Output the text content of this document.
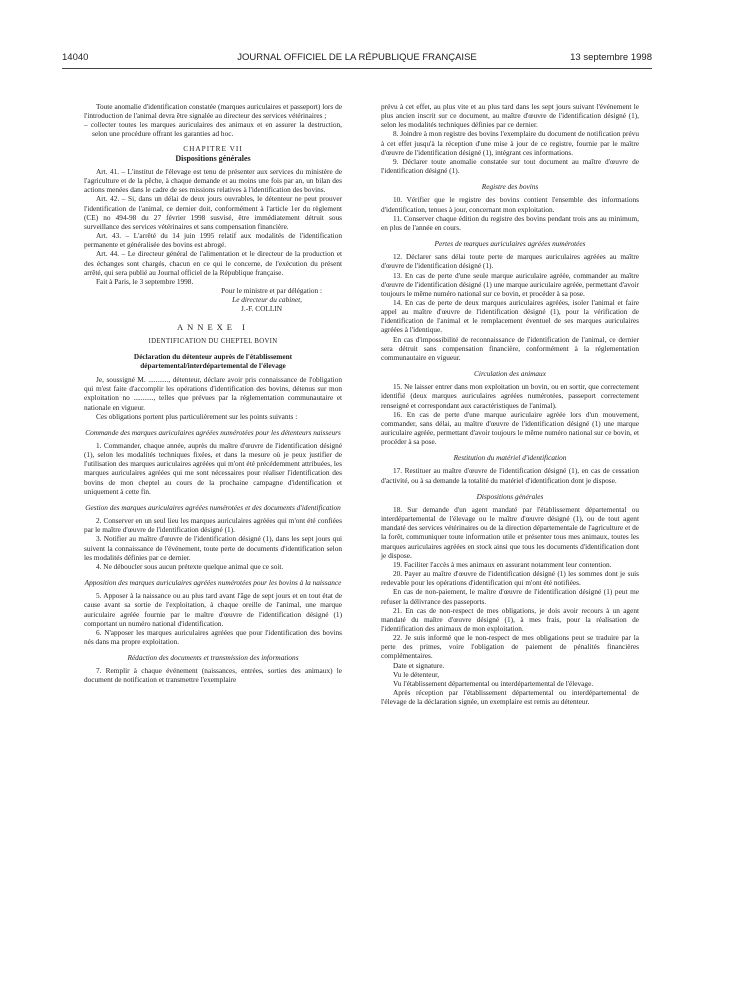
14040	JOURNAL OFFICIEL DE LA RÉPUBLIQUE FRANÇAISE	13 septembre 1998

Toute anomalie d'identification constatée (marques auriculaires et passeport) lors de l'introduction de l'animal devra être signalée au directeur des services vétérinaires ;

– collecter toutes les marques auriculaires des animaux et en assurer la destruction, selon une procédure offrant les garanties ad hoc.

CHAPITRE VII

Dispositions générales

Art. 41. – L'institut de l'élevage est tenu de présenter aux services du ministère de l'agriculture et de la pêche, à chaque demande et au moins une fois par an, un bilan des actions menées dans le cadre de ses missions relatives à l'identification des bovins.

Art. 42. – Si, dans un délai de deux jours ouvrables, le détenteur ne peut prouver l'identification de l'animal, ce dernier doit, conformément à l'article 1er du règlement (CE) no 494-98 du 27 février 1998 susvisé, être immédiatement détruit sous surveillance des services vétérinaires et sans compensation financière.

Art. 43. – L'arrêté du 14 juin 1995 relatif aux modalités de l'identification permanente et généralisée des bovins est abrogé.

Art. 44. – Le directeur général de l'alimentation et le directeur de la production et des échanges sont chargés, chacun en ce qui le concerne, de l'exécution du présent arrêté, qui sera publié au Journal officiel de la République française.

Fait à Paris, le 3 septembre 1998.

Pour le ministre et par délégation :

Le directeur du cabinet,

J.-F. COLLIN

ANNEXE I

IDENTIFICATION DU CHEPTEL BOVIN

Déclaration du détenteur auprès de l'établissement départemental/interdépartemental de l'élevage

Je, soussigné M. ..........., détenteur, déclare avoir pris connaissance de l'obligation qui m'est faite d'accomplir les opérations d'identification des bovins, détenus sur mon exploitation no ..........., telles que prévues par la réglementation communautaire et nationale en vigueur.

Ces obligations portent plus particulièrement sur les points suivants :

Commande des marques auriculaires agréées numérotées pour les détenteurs naisseurs

1. Commander, chaque année, auprès du maître d'œuvre de l'identification désigné (1), selon les modalités techniques fixées, et dans la mesure où je peux justifier de l'utilisation des marques auriculaires agréées qui m'ont été précédemment attribuées, les marques auriculaires agréées qui me sont nécessaires pour réaliser l'identification des bovins de mon cheptel au cours de la prochaine campagne d'identification et uniquement à cette fin.

Gestion des marques auriculaires agréées numérotées et des documents d'identification

2. Conserver en un seul lieu les marques auriculaires agréées qui m'ont été confiées par le maître d'œuvre de l'identification désigné (1).

3. Notifier au maître d'œuvre de l'identification désigné (1), dans les sept jours qui suivent la connaissance de l'événement, toute perte de documents d'identification selon les modalités définies par ce dernier.

4. Ne déboucler sous aucun prétexte quelque animal que ce soit.

Apposition des marques auriculaires agréées numérotées pour les bovins à la naissance

5. Apposer à la naissance ou au plus tard avant l'âge de sept jours et en tout état de cause avant sa sortie de l'exploitation, à chaque oreille de l'animal, une marque auriculaire agréée fournie par le maître d'œuvre de l'identification désigné (1) comportant un numéro national d'identification.

6. N'apposer les marques auriculaires agréées que pour l'identification des bovins nés dans ma propre exploitation.

Rédaction des documents et transmission des informations

7. Remplir à chaque événement (naissances, entrées, sorties des animaux) le document de notification et transmettre l'exemplaire

prévu à cet effet, au plus vite et au plus tard dans les sept jours suivant l'événement le plus ancien inscrit sur ce document, au maître d'œuvre de l'identification désigné (1), selon les modalités techniques définies par ce dernier.

8. Joindre à mon registre des bovins l'exemplaire du document de notification prévu à cet effet jusqu'à la réception d'une mise à jour de ce registre, fournie par le maître d'œuvre de l'identification désigné (1), intégrant ces informations.

9. Déclarer toute anomalie constatée sur tout document au maître d'œuvre de l'identification désigné (1).

Registre des bovins

10. Vérifier que le registre des bovins contient l'ensemble des informations d'identification, tenues à jour, concernant mon exploitation.

11. Conserver chaque édition du registre des bovins pendant trois ans au minimum, en plus de l'année en cours.

Pertes de marques auriculaires agréées numérotées

12. Déclarer sans délai toute perte de marques auriculaires agréées au maître d'œuvre de l'identification désigné (1).

13. En cas de perte d'une seule marque auriculaire agréée, commander au maître d'œuvre de l'identification désigné (1) une marque auriculaire agréée, permettant d'avoir toujours le même numéro national sur ce bovin, et procéder à sa pose.

14. En cas de perte de deux marques auriculaires agréées, isoler l'animal et faire appel au maître d'œuvre de l'identification désigné (1), pour la vérification de l'identification de l'animal et le remplacement éventuel de ses marques auriculaires agréées à l'identique.

En cas d'impossibilité de reconnaissance de l'identification de l'animal, ce dernier sera détruit sans compensation financière, conformément à la réglementation communautaire en vigueur.

Circulation des animaux

15. Ne laisser entrer dans mon exploitation un bovin, ou en sortir, que correctement identifié (deux marques auriculaires agréées numérotées, passeport correctement renseigné et correspondant aux caractéristiques de l'animal).

16. En cas de perte d'une marque auriculaire agréée lors d'un mouvement, commander, sans délai, au maître d'œuvre de l'identification désigné (1) une marque auriculaire agréée, permettant d'avoir toujours le même numéro national sur ce bovin, et procéder à sa pose.

Restitution du matériel d'identification

17. Restituer au maître d'œuvre de l'identification désigné (1), en cas de cessation d'activité, ou à sa demande la totalité du matériel d'identification dont je dispose.

Dispositions générales

18. Sur demande d'un agent mandaté par l'établissement départemental ou interdépartemental de l'élevage ou le maître d'œuvre désigné (1), ou de tout agent mandaté des services vétérinaires ou de la direction départementale de l'agriculture et de la forêt, communiquer toute information utile et présenter tous mes animaux, toutes les marques auriculaires agréées en stock ainsi que tous les documents d'identification dont je dispose.

19. Faciliter l'accès à mes animaux en assurant notamment leur contention.

20. Payer au maître d'œuvre de l'identification désigné (1) les sommes dont je suis redevable pour les opérations d'identification qui m'ont été notifiées.

En cas de non-paiement, le maître d'œuvre de l'identification désigné (1) peut me refuser la délivrance des passeports.

21. En cas de non-respect de mes obligations, je dois avoir recours à un agent mandaté du maître d'œuvre désigné (1), à mes frais, pour la réalisation de l'identification des animaux de mon exploitation.

22. Je suis informé que le non-respect de mes obligations peut se traduire par la perte des primes, voire l'obligation de paiement de pénalités financières complémentaires.

Date et signature.

Vu le détenteur,

Vu l'établissement départemental ou interdépartemental de l'élevage.

Après réception par l'établissement départemental ou interdépartemental de l'élevage de la déclaration signée, un exemplaire est remis au détenteur.
